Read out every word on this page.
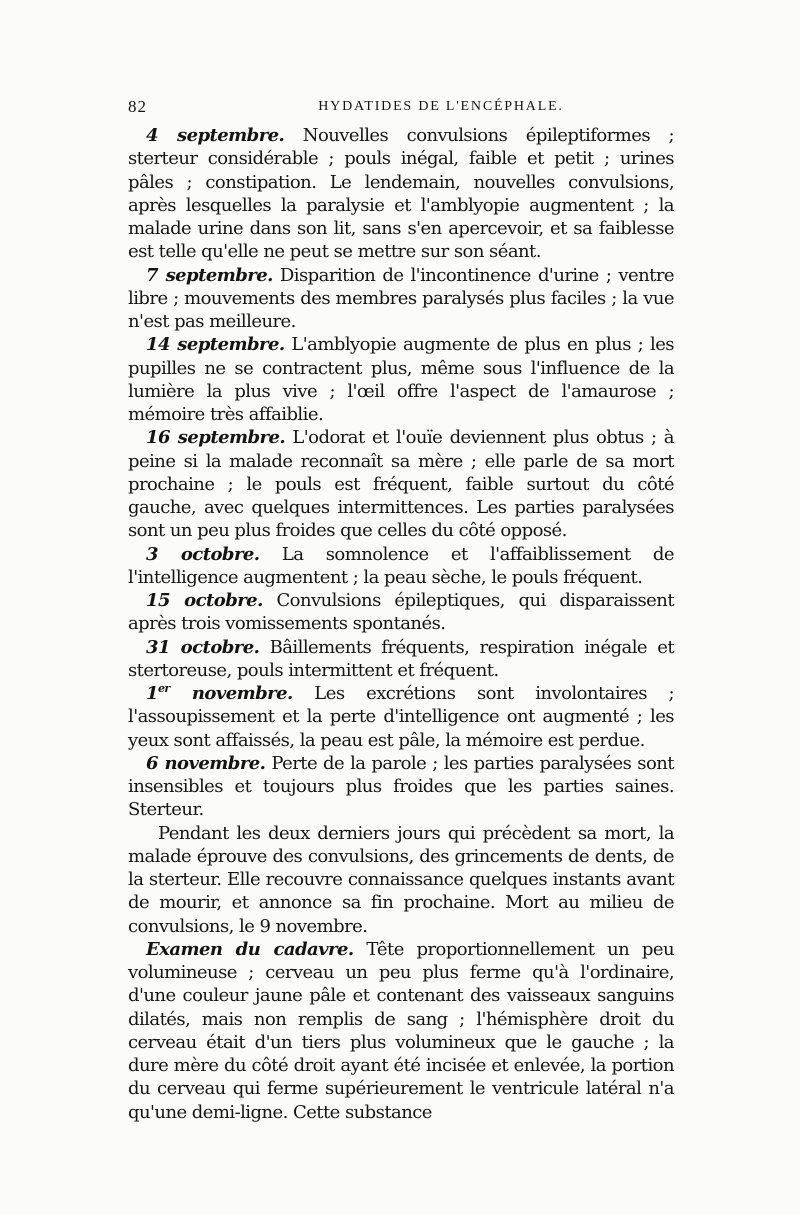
82	HYDATIDES DE L'ENCÉPHALE.

4 septembre. Nouvelles convulsions épileptiformes ; sterteur considérable ; pouls inégal, faible et petit ; urines pâles ; constipation. Le lendemain, nouvelles convulsions, après lesquelles la paralysie et l'amblyopie augmentent ; la malade urine dans son lit, sans s'en apercevoir, et sa faiblesse est telle qu'elle ne peut se mettre sur son séant.

7 septembre. Disparition de l'incontinence d'urine ; ventre libre ; mouvements des membres paralysés plus faciles ; la vue n'est pas meilleure.

14 septembre. L'amblyopie augmente de plus en plus ; les pupilles ne se contractent plus, même sous l'influence de la lumière la plus vive ; l'œil offre l'aspect de l'amaurose ; mémoire très affaiblie.

16 septembre. L'odorat et l'ouïe deviennent plus obtus ; à peine si la malade reconnaît sa mère ; elle parle de sa mort prochaine ; le pouls est fréquent, faible surtout du côté gauche, avec quelques intermittences. Les parties paralysées sont un peu plus froides que celles du côté opposé.

3 octobre. La somnolence et l'affaiblissement de l'intelligence augmentent ; la peau sèche, le pouls fréquent.

15 octobre. Convulsions épileptiques, qui disparaissent après trois vomissements spontanés.

31 octobre. Bâillements fréquents, respiration inégale et stertoreuse, pouls intermittent et fréquent.

1er novembre. Les excrétions sont involontaires ; l'assoupissement et la perte d'intelligence ont augmenté ; les yeux sont affaissés, la peau est pâle, la mémoire est perdue.

6 novembre. Perte de la parole ; les parties paralysées sont insensibles et toujours plus froides que les parties saines. Sterteur.

Pendant les deux derniers jours qui précèdent sa mort, la malade éprouve des convulsions, des grincements de dents, de la sterteur. Elle recouvre connaissance quelques instants avant de mourir, et annonce sa fin prochaine. Mort au milieu de convulsions, le 9 novembre.

Examen du cadavre. Tête proportionnellement un peu volumineuse ; cerveau un peu plus ferme qu'à l'ordinaire, d'une couleur jaune pâle et contenant des vaisseaux sanguins dilatés, mais non remplis de sang ; l'hémisphère droit du cerveau était d'un tiers plus volumineux que le gauche ; la dure mère du côté droit ayant été incisée et enlevée, la portion du cerveau qui ferme supérieurement le ventricule latéral n'a qu'une demi-ligne. Cette substance
